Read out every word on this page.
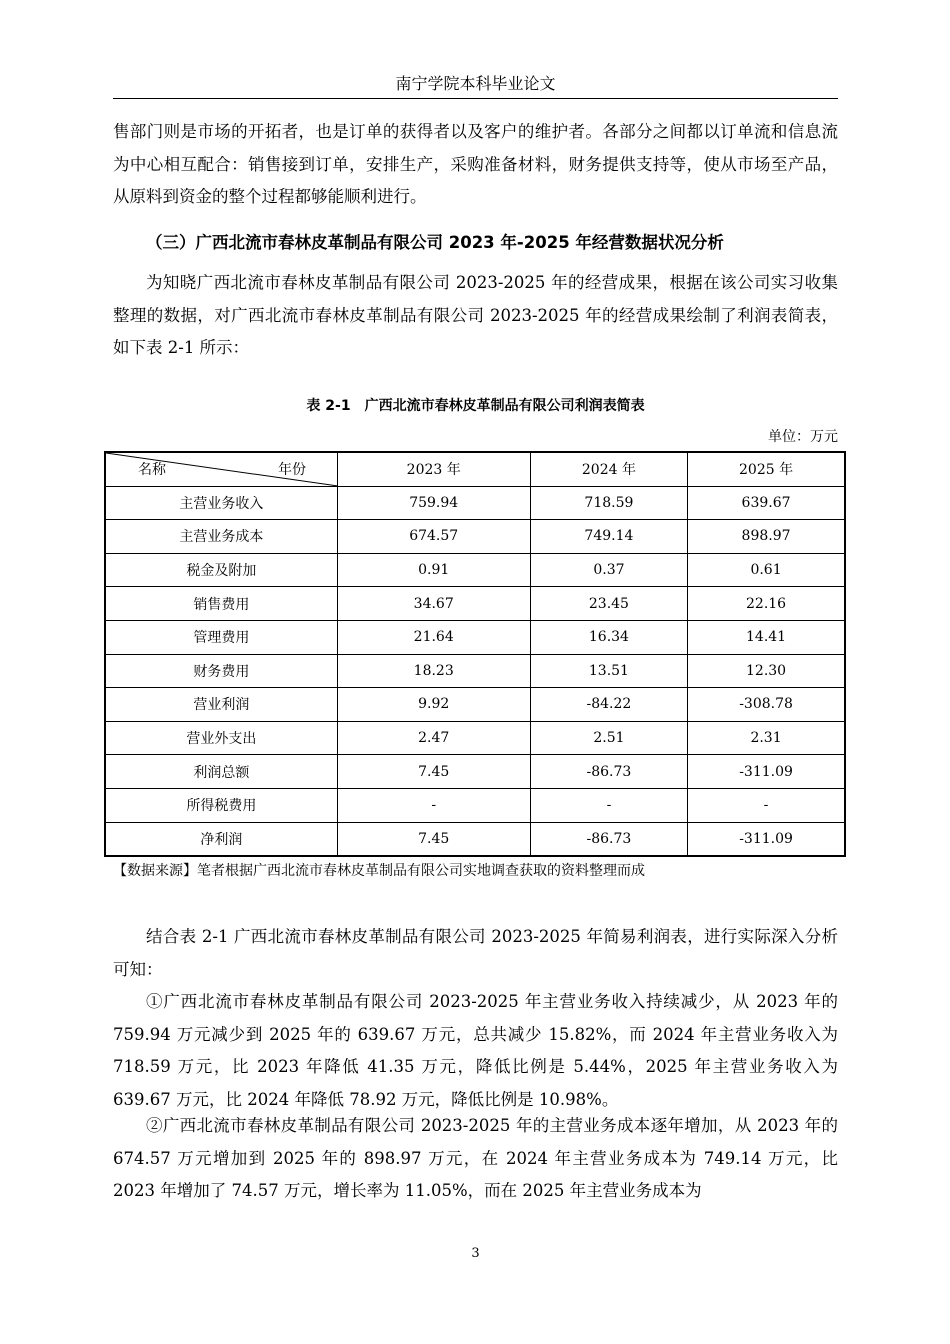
南宁学院本科毕业论文

售部门则是市场的开拓者，也是订单的获得者以及客户的维护者。各部分之间都以订单流和信息流为中心相互配合：销售接到订单，安排生产，采购准备材料，财务提供支持等，使从市场至产品，从原料到资金的整个过程都够能顺利进行。

（三）广西北流市春林皮革制品有限公司 2023 年-2025 年经营数据状况分析

为知晓广西北流市春林皮革制品有限公司 2023-2025 年的经营成果，根据在该公司实习收集整理的数据，对广西北流市春林皮革制品有限公司 2023-2025 年的经营成果绘制了利润表简表，如下表 2-1 所示：

表 2-1　广西北流市春林皮革制品有限公司利润表简表
单位：万元
名称 年份	2023 年	2024 年	2025 年
主营业务收入	759.94	718.59	639.67
主营业务成本	674.57	749.14	898.97
税金及附加	0.91	0.37	0.61
销售费用	34.67	23.45	22.16
管理费用	21.64	16.34	14.41
财务费用	18.23	13.51	12.30
营业利润	9.92	-84.22	-308.78
营业外支出	2.47	2.51	2.31
利润总额	7.45	-86.73	-311.09
所得税费用	-	-	-
净利润	7.45	-86.73	-311.09
【数据来源】笔者根据广西北流市春林皮革制品有限公司实地调查获取的资料整理而成

结合表 2-1 广西北流市春林皮革制品有限公司 2023-2025 年简易利润表，进行实际深入分析可知：

①广西北流市春林皮革制品有限公司 2023-2025 年主营业务收入持续减少，从 2023 年的 759.94 万元减少到 2025 年的 639.67 万元，总共减少 15.82%，而 2024 年主营业务收入为 718.59 万元，比 2023 年降低 41.35 万元，降低比例是 5.44%，2025 年主营业务收入为 639.67 万元，比 2024 年降低 78.92 万元，降低比例是 10.98%。

②广西北流市春林皮革制品有限公司 2023-2025 年的主营业务成本逐年增加，从 2023 年的 674.57 万元增加到 2025 年的 898.97 万元，在 2024 年主营业务成本为 749.14 万元，比 2023 年增加了 74.57 万元，增长率为 11.05%，而在 2025 年主营业务成本为

3
